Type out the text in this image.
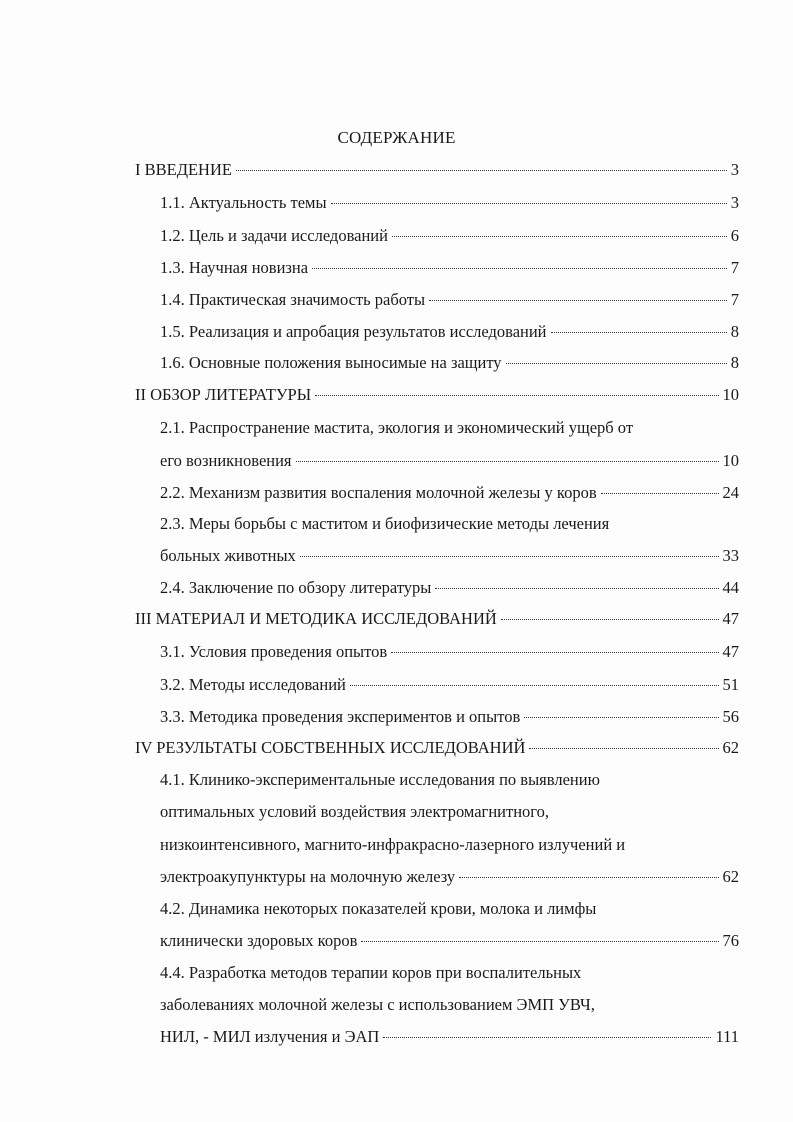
СОДЕРЖАНИЕ
I ВВЕДЕНИЕ	3
1.1. Актуальность темы	3
1.2. Цель и задачи исследований	6
1.3. Научная новизна	7
1.4. Практическая значимость работы	7
1.5. Реализация и апробация результатов исследований	8
1.6. Основные положения выносимые на защиту	8
II ОБЗОР ЛИТЕРАТУРЫ	10
2.1. Распространение мастита, экология и экономический ущерб от
его возникновения	10
2.2. Механизм развития воспаления молочной железы у коров	24
2.3. Меры борьбы с маститом и биофизические методы лечения
больных животных	33
2.4. Заключение по обзору литературы	44
III МАТЕРИАЛ И МЕТОДИКА ИССЛЕДОВАНИЙ	47
3.1. Условия проведения опытов	47
3.2. Методы исследований	51
3.3. Методика проведения экспериментов и опытов	56
IV РЕЗУЛЬТАТЫ СОБСТВЕННЫХ ИССЛЕДОВАНИЙ	62
4.1. Клинико-экспериментальные исследования по выявлению
оптимальных условий воздействия электромагнитного,
низкоинтенсивного, магнито-инфракрасно-лазерного излучений и
электроакупунктуры на молочную железу	62
4.2. Динамика некоторых показателей крови, молока и лимфы
клинически здоровых коров	76
4.4. Разработка методов терапии коров при воспалительных
заболеваниях молочной железы с использованием ЭМП УВЧ,
НИЛ, - МИЛ излучения и ЭАП	111
